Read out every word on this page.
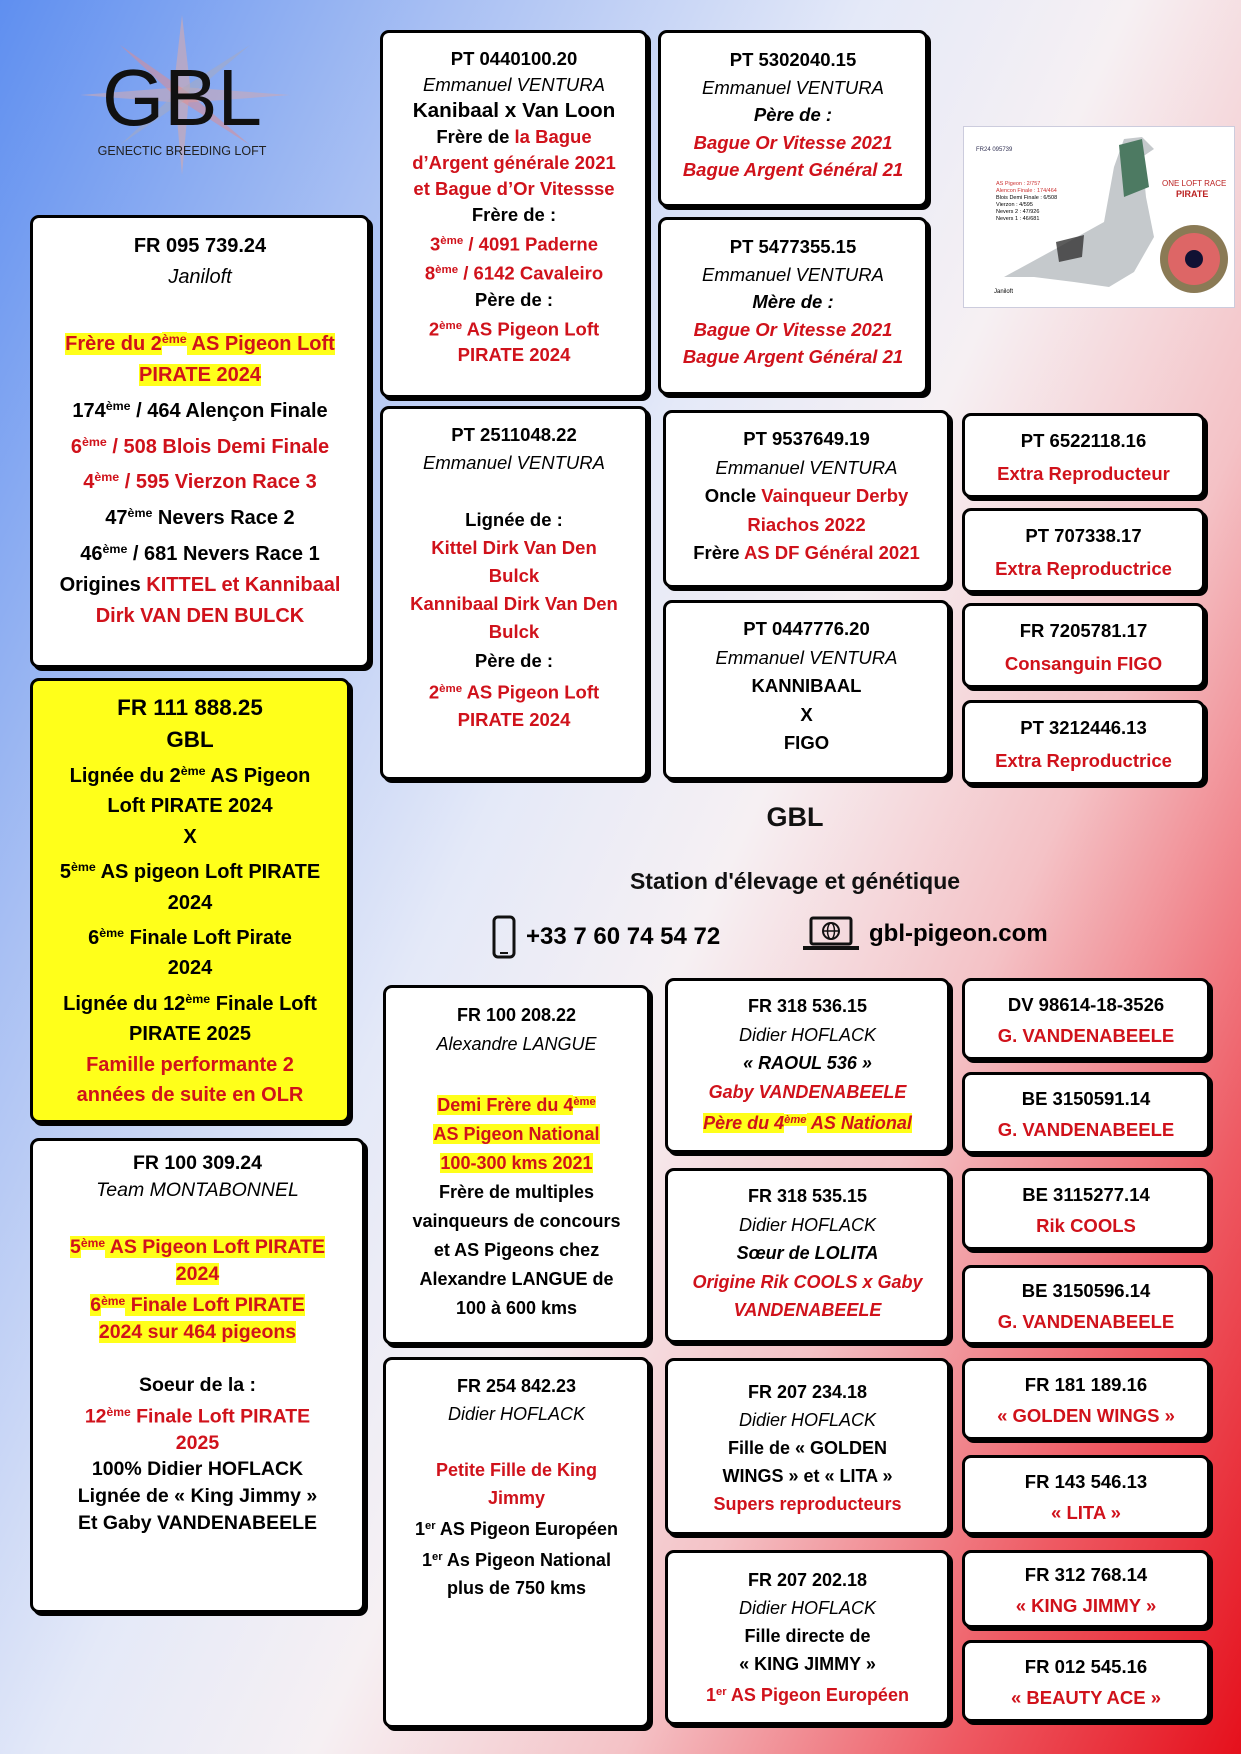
GBL
GENECTIC BREEDING LOFT	FR24 095739
AS Pigeon : 2/757
Alencon Finale : 174/464
Blois Demi Finale : 6/508
Vierzon : 4/595
Nevers 2 : 47/926
Nevers 1 : 46/681
ONE LOFT RACE
PIRATE
Janiloft
GBL
Station d'élevage et génétique
+33 7 60 74 54 72	gbl-pigeon.com
FR 095 739.24
Janiloft

Frère du 2ème AS Pigeon Loft
PIRATE 2024
174ème / 464 Alençon Finale
6ème / 508 Blois Demi Finale
4ème / 595 Vierzon Race 3
47ème Nevers Race 2
46ème / 681 Nevers Race 1
Origines KITTEL et Kannibaal
Dirk VAN DEN BULCK
FR 111 888.25
GBL
Lignée du 2ème AS Pigeon
Loft PIRATE 2024
X
5ème AS pigeon Loft PIRATE
2024
6ème Finale Loft Pirate
2024
Lignée du 12ème Finale Loft
PIRATE 2025
Famille performante 2
années de suite en OLR
FR 100 309.24
Team MONTABONNEL

5ème AS Pigeon Loft PIRATE
2024
6ème Finale Loft PIRATE
2024 sur 464 pigeons

Soeur de la :
12ème Finale Loft PIRATE
2025
100% Didier HOFLACK
Lignée de « King Jimmy »
Et Gaby VANDENABEELE
PT 0440100.20
Emmanuel VENTURA
Kanibaal x Van Loon
Frère de la Bague
d’Argent générale 2021
et Bague d’Or Vitessse
Frère de :
3ème / 4091 Paderne
8ème / 6142 Cavaleiro
Père de :
2ème AS Pigeon Loft
PIRATE 2024
PT 2511048.22
Emmanuel VENTURA

Lignée de :
Kittel Dirk Van Den
Bulck
Kannibaal Dirk Van Den
Bulck
Père de :
2ème AS Pigeon Loft
PIRATE 2024
PT 5302040.15
Emmanuel VENTURA
Père de :
Bague Or Vitesse 2021
Bague Argent Général 21
PT 5477355.15
Emmanuel VENTURA
Mère de :
Bague Or Vitesse 2021
Bague Argent Général 21
PT 9537649.19
Emmanuel VENTURA
Oncle Vainqueur Derby
Riachos 2022
Frère AS DF Général 2021
PT 0447776.20
Emmanuel VENTURA
KANNIBAAL
X
FIGO
PT 6522118.16
Extra Reproducteur
PT 707338.17
Extra Reproductrice
FR 7205781.17
Consanguin FIGO
PT 3212446.13
Extra Reproductrice
FR 100 208.22
Alexandre LANGUE

Demi Frère du 4ème
AS Pigeon National
100-300 kms 2021
Frère de multiples
vainqueurs de concours
et AS Pigeons chez
Alexandre LANGUE de
100 à 600 kms
FR 254 842.23
Didier HOFLACK

Petite Fille de King
Jimmy
1er AS Pigeon Européen
1er As Pigeon National
plus de 750 kms
FR 318 536.15
Didier HOFLACK
« RAOUL 536 »
Gaby VANDENABEELE
Père du 4ème AS National
FR 318 535.15
Didier HOFLACK
Sœur de LOLITA
Origine Rik COOLS x Gaby
VANDENABEELE
FR 207 234.18
Didier HOFLACK
Fille de « GOLDEN
WINGS » et « LITA »
Supers reproducteurs
FR 207 202.18
Didier HOFLACK
Fille directe de
« KING JIMMY »
1er AS Pigeon Européen
DV 98614-18-3526
G. VANDENABEELE
BE 3150591.14
G. VANDENABEELE
BE 3115277.14
Rik COOLS
BE 3150596.14
G. VANDENABEELE
FR 181 189.16
« GOLDEN WINGS »
FR 143 546.13
« LITA »
FR 312 768.14
« KING JIMMY »
FR 012 545.16
« BEAUTY ACE »
